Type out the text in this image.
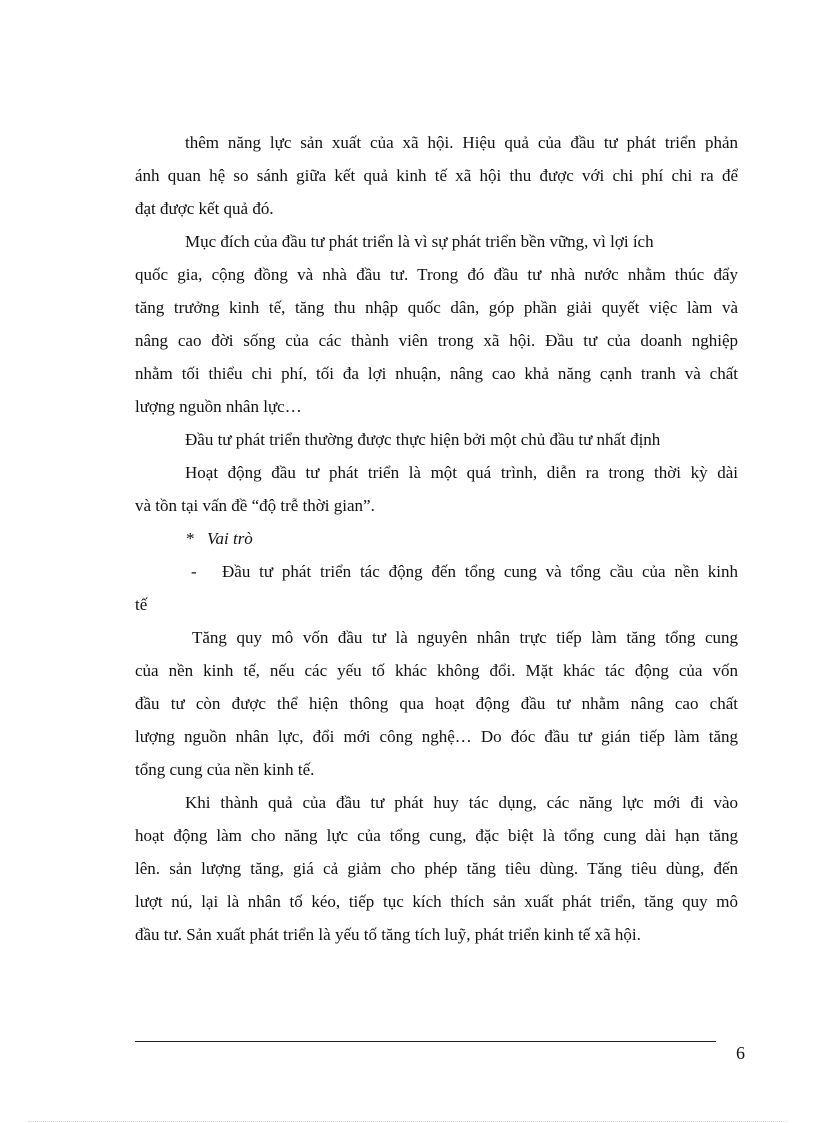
thêm năng lực sản xuất của xã hội. Hiệu quả của đầu tư phát triển phản
ánh quan hệ so sánh giữa kết quả kinh tế xã hội thu được với chi phí chi ra để
đạt được kết quả đó.
Mục đích của đầu tư phát triển là vì sự phát triển bền vững, vì lợi ích
quốc gia, cộng đồng và nhà đầu tư. Trong đó đầu tư nhà nước nhằm thúc đẩy
tăng trưởng kinh tế, tăng thu nhập quốc dân, góp phần giải quyết việc làm và
nâng cao đời sống của các thành viên trong xã hội. Đầu tư của doanh nghiệp
nhằm tối thiểu chi phí, tối đa lợi nhuận, nâng cao khả năng cạnh tranh và chất
lượng nguồn nhân lực…
Đầu tư phát triển thường được thực hiện bởi một chủ đầu tư nhất định
Hoạt động đầu tư phát triển là một quá trình, diễn ra trong thời kỳ dài
và tồn tại vấn đề “độ trễ thời gian”.
* Vai trò
-	Đầu tư phát triển tác động đến tổng cung và tổng cầu của nền kinh
tế
Tăng quy mô vốn đầu tư là nguyên nhân trực tiếp làm tăng tổng cung
của nền kinh tế, nếu các yếu tố khác không đổi. Mặt khác tác động của vốn
đầu tư còn được thể hiện thông qua hoạt động đầu tư nhằm nâng cao chất
lượng nguồn nhân lực, đổi mới công nghệ… Do đóc đầu tư gián tiếp làm tăng
tổng cung của nền kinh tế.
Khi thành quả của đầu tư phát huy tác dụng, các năng lực mới đi vào
hoạt động làm cho năng lực của tổng cung, đặc biệt là tổng cung dài hạn tăng
lên. sản lượng tăng, giá cả giảm cho phép tăng tiêu dùng. Tăng tiêu dùng, đến
lượt nú, lại là nhân tố kéo, tiếp tục kích thích sản xuất phát triển, tăng quy mô
đầu tư. Sản xuất phát triển là yếu tố tăng tích luỹ, phát triển kinh tế xã hội.
6
